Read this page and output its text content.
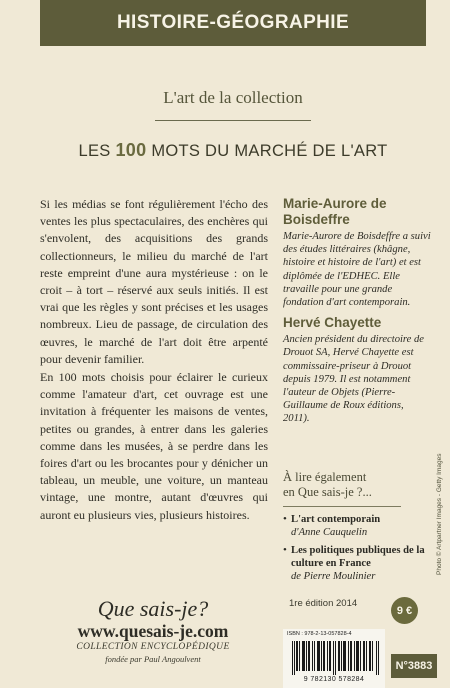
HISTOIRE-GÉOGRAPHIE
L'art de la collection
LES 100 MOTS DU MARCHÉ DE L'ART

Si les médias se font régulièrement l'écho des ventes les plus spectaculaires, des enchères qui s'envolent, des acquisitions des grands collectionneurs, le milieu du marché de l'art reste empreint d'une aura mystérieuse : on le croit – à tort – réservé aux seuls initiés. Il est vrai que les règles y sont précises et les usages nombreux. Lieu de passage, de circulation des œuvres, le marché de l'art doit être arpenté pour devenir familier.

En 100 mots choisis pour éclairer le curieux comme l'amateur d'art, cet ouvrage est une invitation à fréquenter les maisons de ventes, petites ou grandes, à entrer dans les galeries comme dans les musées, à se perdre dans les foires d'art ou les brocantes pour y dénicher un tableau, un meuble, une voiture, un manteau vintage, une montre, autant d'œuvres qui auront eu plusieurs vies, plusieurs histoires.

Marie-Aurore de Boisdeffre
Marie-Aurore de Boisdeffre a suivi des études littéraires (khâgne, histoire et histoire de l'art) et est diplômée de l'EDHEC. Elle travaille pour une grande fondation d'art contemporain.
Hervé Chayette
Ancien président du directoire de Drouot SA, Hervé Chayette est commissaire-priseur à Drouot depuis 1979. Il est notamment l'auteur de Objets (Pierre-Guillaume de Roux éditions, 2011).
À lire également
en Que sais-je ?...
• L'art contemporain
d'Anne Cauquelin
• Les politiques publiques de la culture en France
de Pierre Moulinier
Photo © Artpartner Images - Getty Images
Que sais-je?
www.quesais-je.com
COLLECTION ENCYCLOPÉDIQUE
fondée par Paul Angoulvent
1re édition 2014
9 €
ISBN : 978-2-13-057828-4
9 782130 578284
N°3883
